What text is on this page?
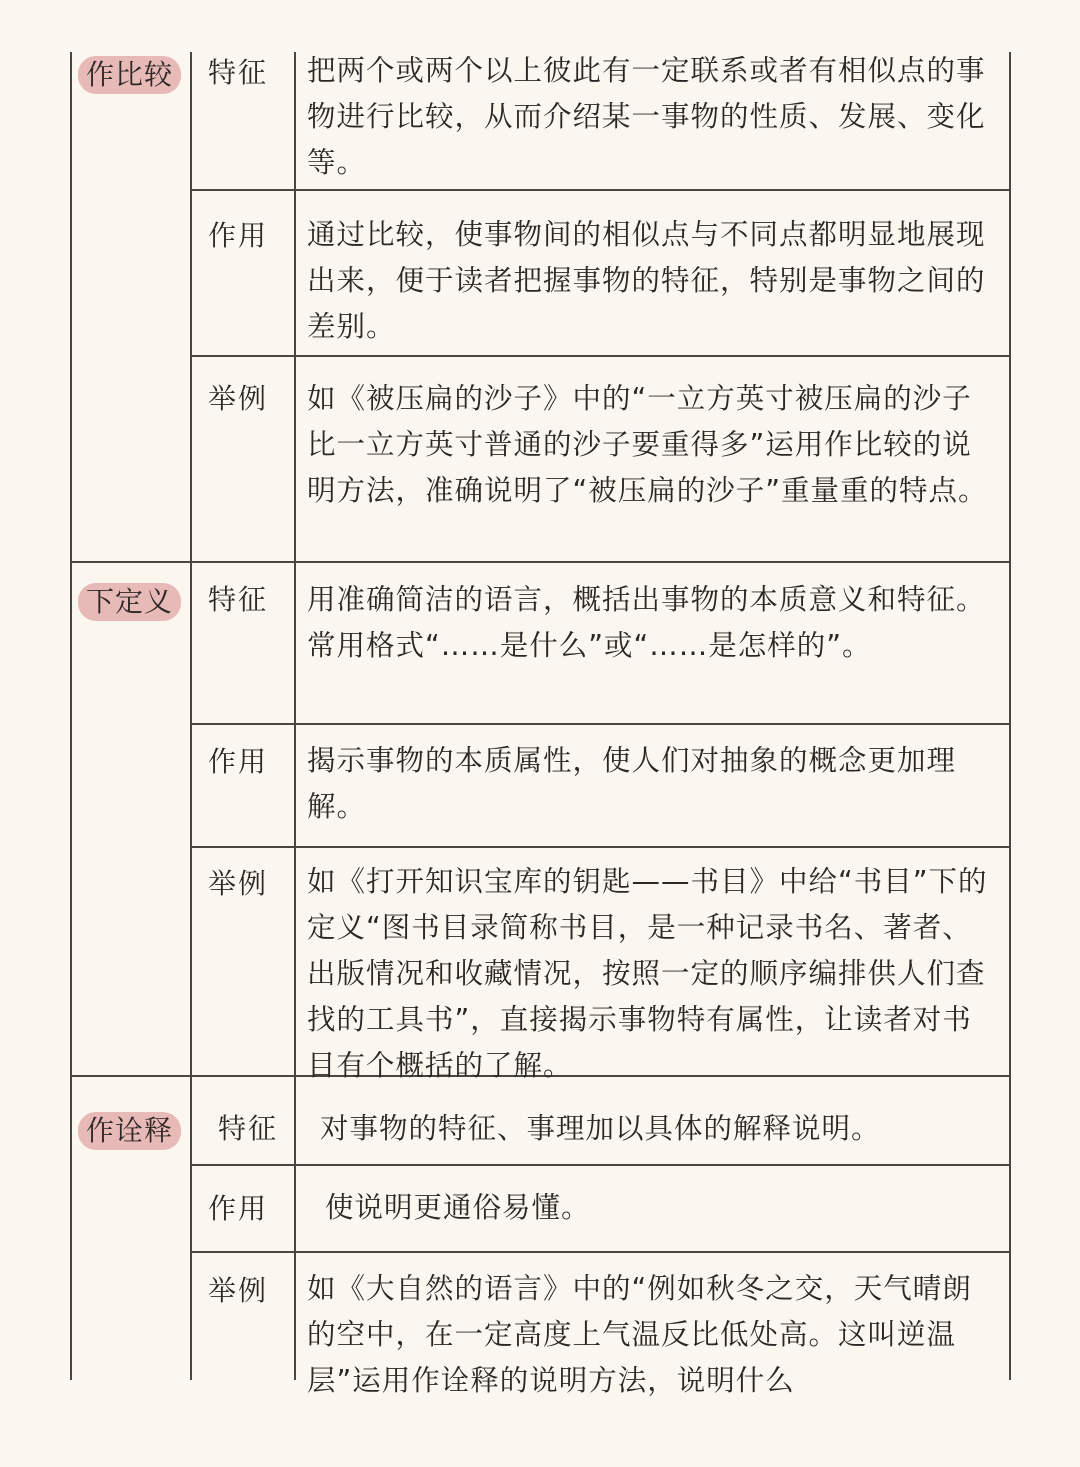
作比较 特征 把两个或两个以上彼此有一定联系或者有相似点的事物进行比较，从而介绍某一事物的性质、发展、变化等。

作用 通过比较，使事物间的相似点与不同点都明显地展现出来，便于读者把握事物的特征，特别是事物之间的差别。

举例 如《被压扁的沙子》中的“一立方英寸被压扁的沙子比一立方英寸普通的沙子要重得多”运用作比较的说明方法，准确说明了“被压扁的沙子”重量重的特点。

下定义 特征 用准确简洁的语言，概括出事物的本质意义和特征。常用格式“……是什么”或“……是怎样的”。

作用 揭示事物的本质属性，使人们对抽象的概念更加理解。

举例 如《打开知识宝库的钥匙——书目》中给“书目”下的定义“图书目录简称书目，是一种记录书名、著者、出版情况和收藏情况，按照一定的顺序编排供人们查找的工具书”，直接揭示事物特有属性，让读者对书目有个概括的了解。

作诠释 特征 对事物的特征、事理加以具体的解释说明。

作用 使说明更通俗易懂。

举例 如《大自然的语言》中的“例如秋冬之交，天气晴朗的空中，在一定高度上气温反比低处高。这叫逆温层”运用作诠释的说明方法，说明什么
